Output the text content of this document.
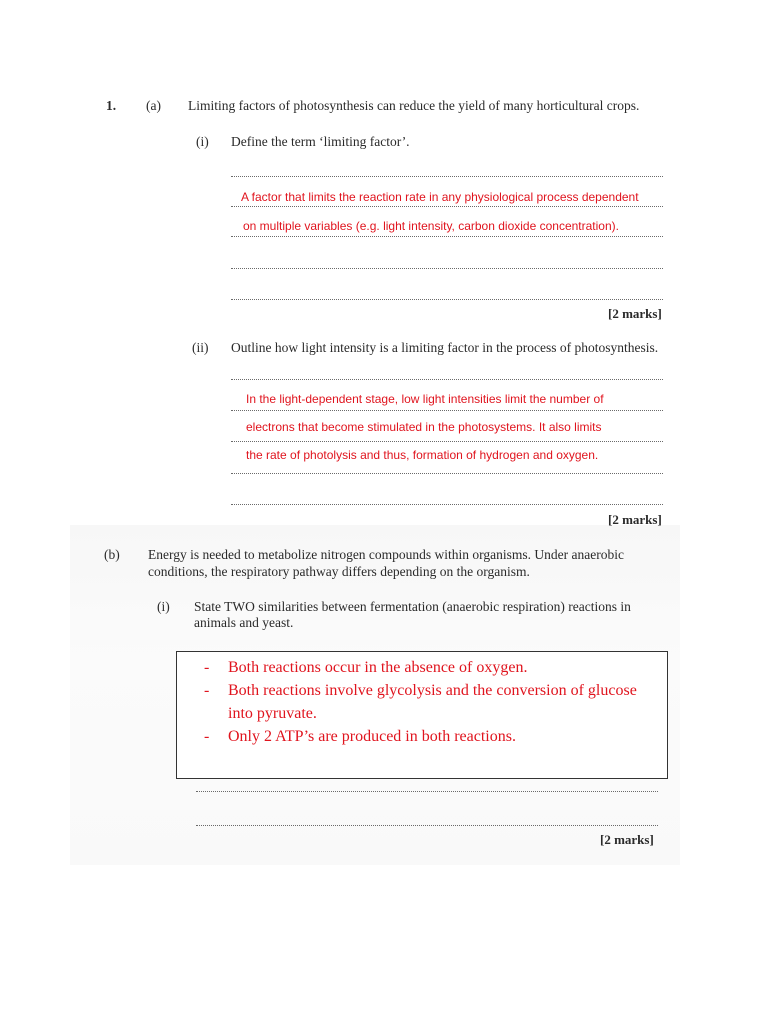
1. (a) Limiting factors of photosynthesis can reduce the yield of many horticultural crops.
(i) Define the term ‘limiting factor’.
A factor that limits the reaction rate in any physiological process dependent
on multiple variables (e.g. light intensity, carbon dioxide concentration).
[2 marks]
(ii) Outline how light intensity is a limiting factor in the process of photosynthesis.
In the light-dependent stage, low light intensities limit the number of
electrons that become stimulated in the photosystems. It also limits
the rate of photolysis and thus, formation of hydrogen and oxygen.
[2 marks]
(b) Energy is needed to metabolize nitrogen compounds within organisms. Under anaerobic
conditions, the respiratory pathway differs depending on the organism.
(i) State TWO similarities between fermentation (anaerobic respiration) reactions in
animals and yeast.
- Both reactions occur in the absence of oxygen.
- Both reactions involve glycolysis and the conversion of glucose
into pyruvate.
- Only 2 ATP’s are produced in both reactions.
[2 marks]
